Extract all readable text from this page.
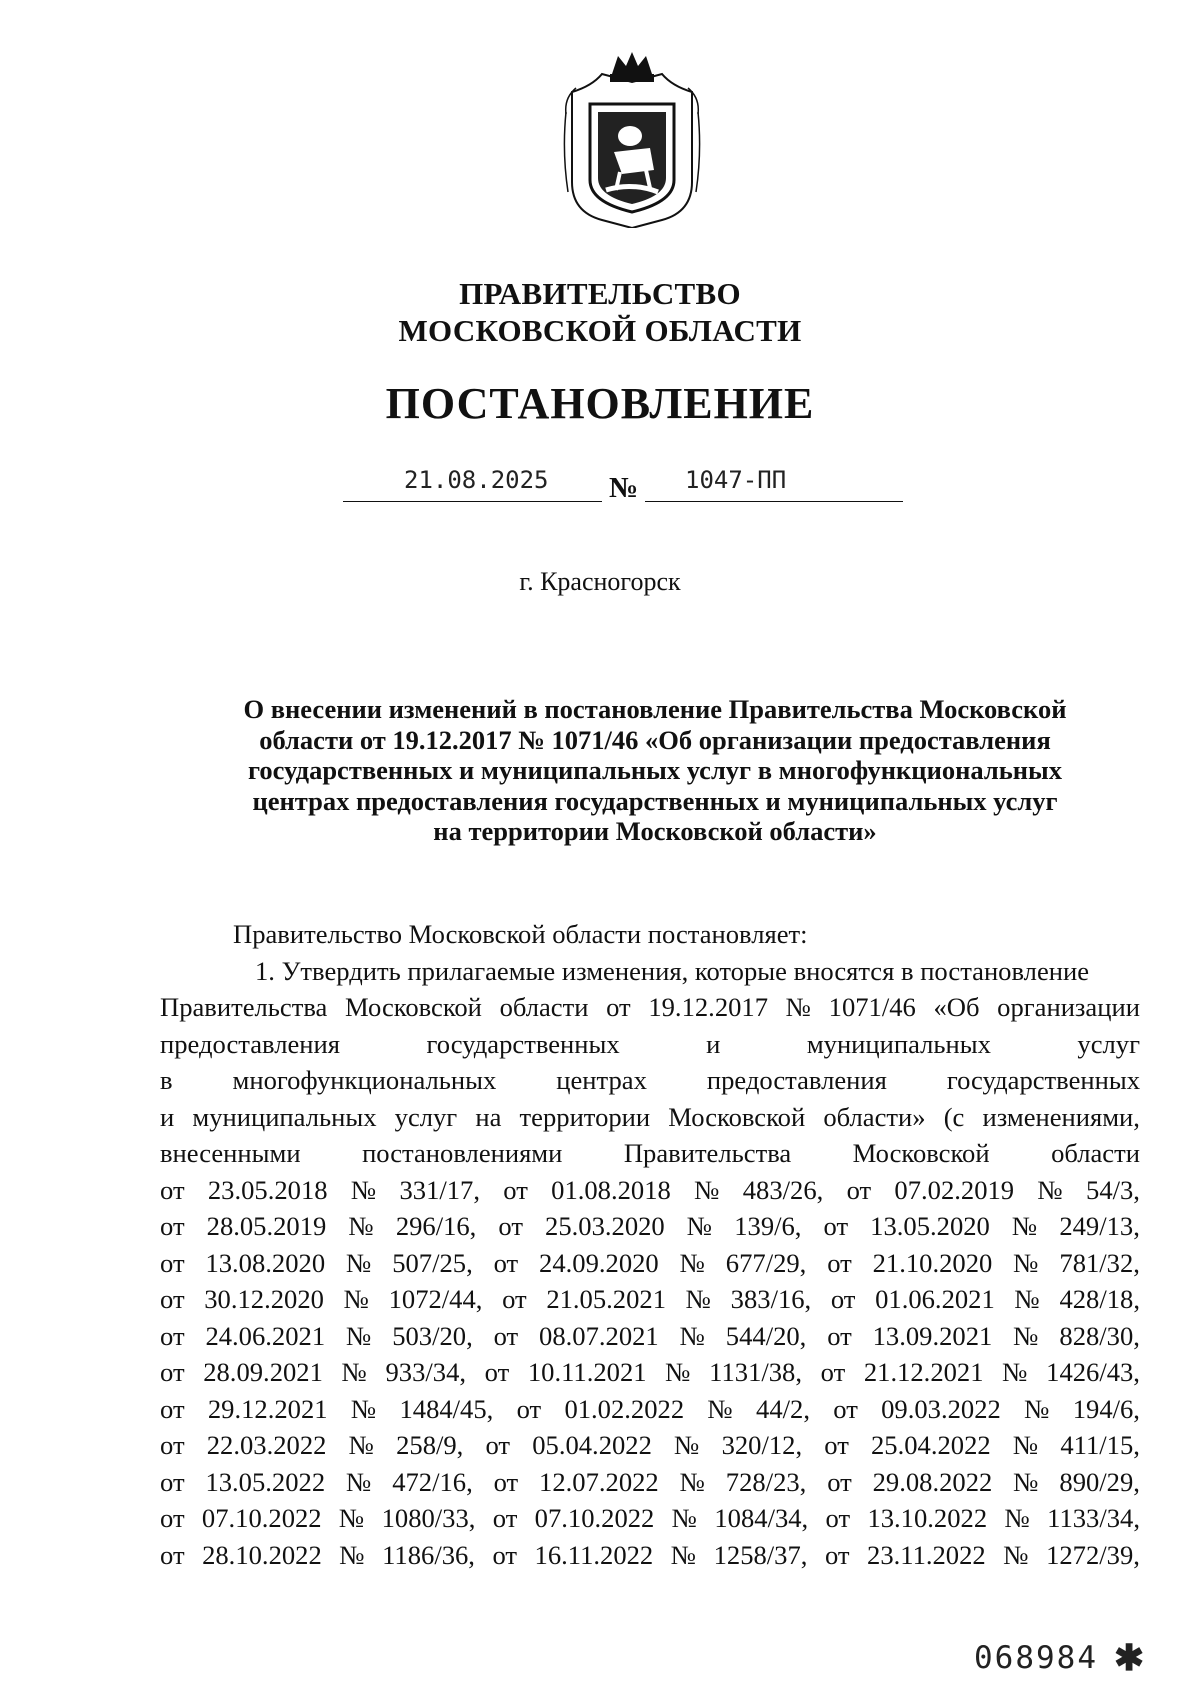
ПРАВИТЕЛЬСТВО
МОСКОВСКОЙ ОБЛАСТИ
ПОСТАНОВЛЕНИЕ
21.08.2025 № 1047-ПП
г. Красногорск
О внесении изменений в постановление Правительства Московской
области от 19.12.2017 № 1071/46 «Об организации предоставления
государственных и муниципальных услуг в многофункциональных
центрах предоставления государственных и муниципальных услуг
на территории Московской области»
Правительство Московской области постановляет:
1. Утвердить прилагаемые изменения, которые вносятся в постановление
Правительства Московской области от 19.12.2017 № 1071/46 «Об организации
предоставления	государственных	и	муниципальных	услуг
в многофункциональных центрах предоставления государственных
и муниципальных услуг на территории Московской области» (с изменениями,
внесенными постановлениями Правительства Московской области
от 23.05.2018 № 331/17, от 01.08.2018 № 483/26, от 07.02.2019 № 54/3,
от 28.05.2019 № 296/16, от 25.03.2020 № 139/6, от 13.05.2020 № 249/13,
от 13.08.2020 № 507/25, от 24.09.2020 № 677/29, от 21.10.2020 № 781/32,
от 30.12.2020 № 1072/44, от 21.05.2021 № 383/16, от 01.06.2021 № 428/18,
от 24.06.2021 № 503/20, от 08.07.2021 № 544/20, от 13.09.2021 № 828/30,
от 28.09.2021 № 933/34, от 10.11.2021 № 1131/38, от 21.12.2021 № 1426/43,
от 29.12.2021 № 1484/45, от 01.02.2022 № 44/2, от 09.03.2022 № 194/6,
от 22.03.2022 № 258/9, от 05.04.2022 № 320/12, от 25.04.2022 № 411/15,
от 13.05.2022 № 472/16, от 12.07.2022 № 728/23, от 29.08.2022 № 890/29,
от 07.10.2022 № 1080/33, от 07.10.2022 № 1084/34, от 13.10.2022 № 1133/34,
от 28.10.2022 № 1186/36, от 16.11.2022 № 1258/37, от 23.11.2022 № 1272/39,
068984 ✱
